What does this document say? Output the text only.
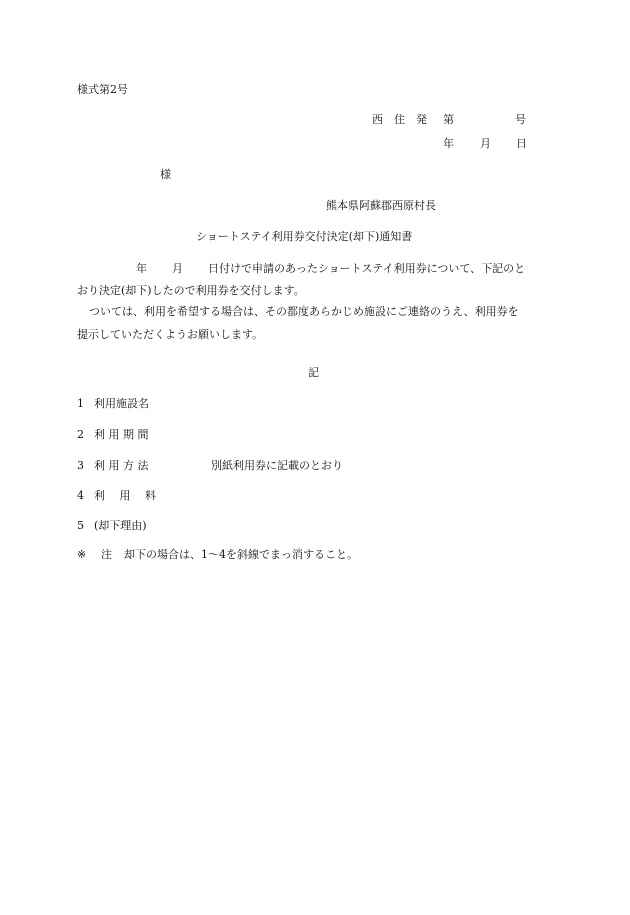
様式第2号
西　住　発 第	号
年 月 日
様
熊本県阿蘇郡西原村長
ショートステイ利用券交付決定(却下)通知書
年 月 日付けで申請のあったショートステイ利用券について、下記のと
おり決定(却下)したので利用券を交付します。
ついては、利用を希望する場合は、その都度あらかじめ施設にご連絡のうえ、利用券を
提示していただくようお願いします。
記
1 利用施設名
2 利 用 期 間
3 利 用 方 法	別紙利用券に記載のとおり
4 利　 用　 料
5 (却下理由)
※ 注 却下の場合は、1〜4を斜線でまっ消すること。
